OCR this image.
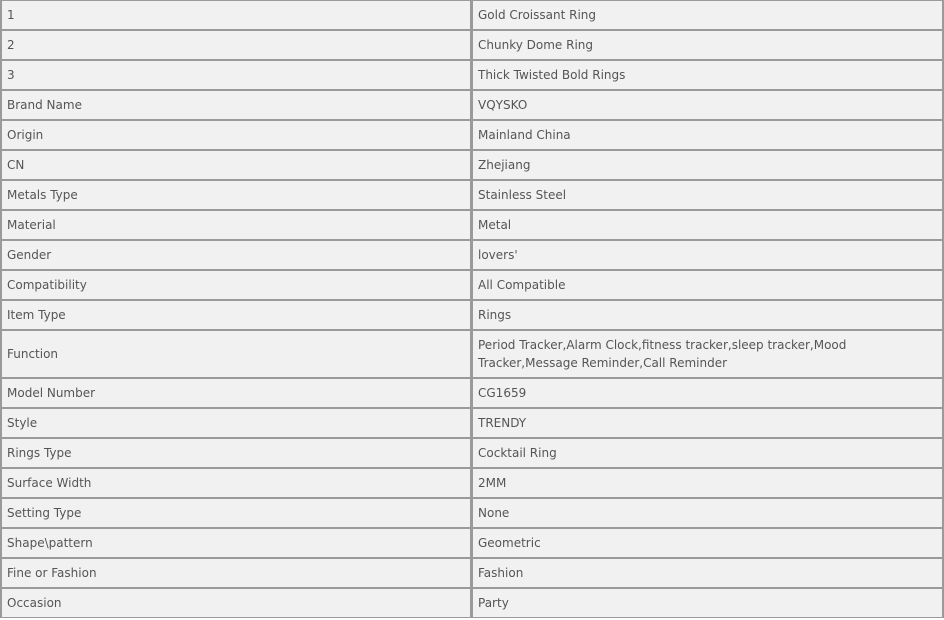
1	Gold Croissant Ring
2	Chunky Dome Ring
3	Thick Twisted Bold Rings
Brand Name	VQYSKO
Origin	Mainland China
CN	Zhejiang
Metals Type	Stainless Steel
Material	Metal
Gender	lovers'
Compatibility	All Compatible
Item Type	Rings
Function	Period Tracker,Alarm Clock,fitness tracker,sleep tracker,Mood Tracker,Message Reminder,Call Reminder
Model Number	CG1659
Style	TRENDY
Rings Type	Cocktail Ring
Surface Width	2MM
Setting Type	None
Shape\pattern	Geometric
Fine or Fashion	Fashion
Occasion	Party
